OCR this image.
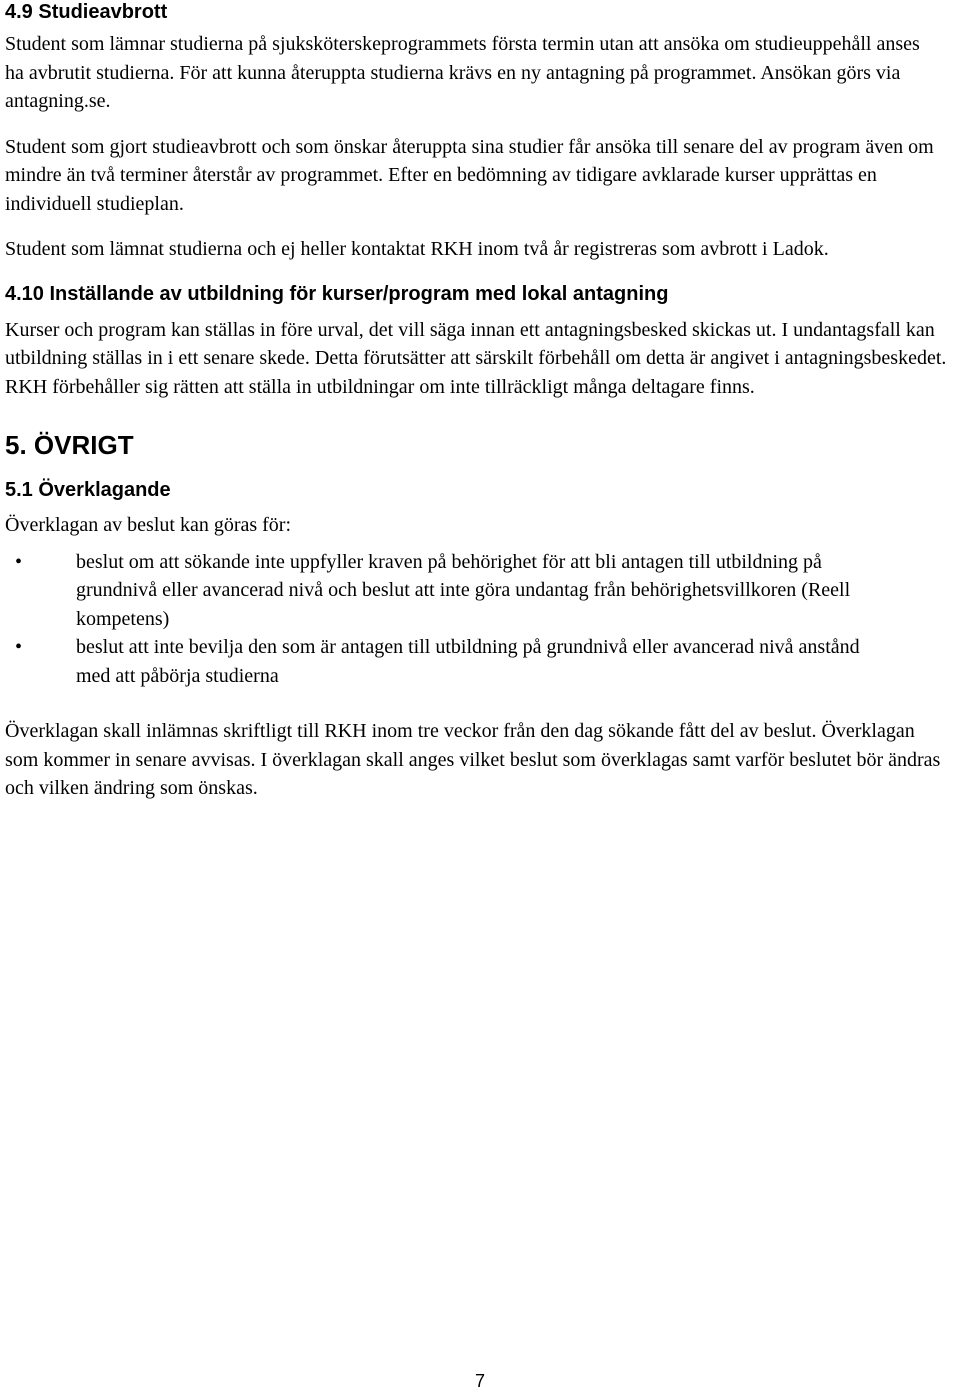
4.9 Studieavbrott

Student som lämnar studierna på sjuksköterskeprogrammets första termin utan att ansöka om studieuppehåll anses ha avbrutit studierna. För att kunna återuppta studierna krävs en ny antagning på programmet. Ansökan görs via antagning.se.

Student som gjort studieavbrott och som önskar återuppta sina studier får ansöka till senare del av program även om mindre än två terminer återstår av programmet. Efter en bedömning av tidigare avklarade kurser upprättas en individuell studieplan.

Student som lämnat studierna och ej heller kontaktat RKH inom två år registreras som avbrott i Ladok.

4.10 Inställande av utbildning för kurser/program med lokal antagning

Kurser och program kan ställas in före urval, det vill säga innan ett antagningsbesked skickas ut. I undantagsfall kan utbildning ställas in i ett senare skede. Detta förutsätter att särskilt förbehåll om detta är angivet i antagningsbeskedet. RKH förbehåller sig rätten att ställa in utbildningar om inte tillräckligt många deltagare finns.

5. ÖVRIGT
5.1 Överklagande

Överklagan av beslut kan göras för:

•	beslut om att sökande inte uppfyller kraven på behörighet för att bli antagen till utbildning på grundnivå eller avancerad nivå och beslut att inte göra undantag från behörighetsvillkoren (Reell kompetens)
•	beslut att inte bevilja den som är antagen till utbildning på grundnivå eller avancerad nivå anstånd med att påbörja studierna

Överklagan skall inlämnas skriftligt till RKH inom tre veckor från den dag sökande fått del av beslut. Överklagan som kommer in senare avvisas. I överklagan skall anges vilket beslut som överklagas samt varför beslutet bör ändras och vilken ändring som önskas.

7
